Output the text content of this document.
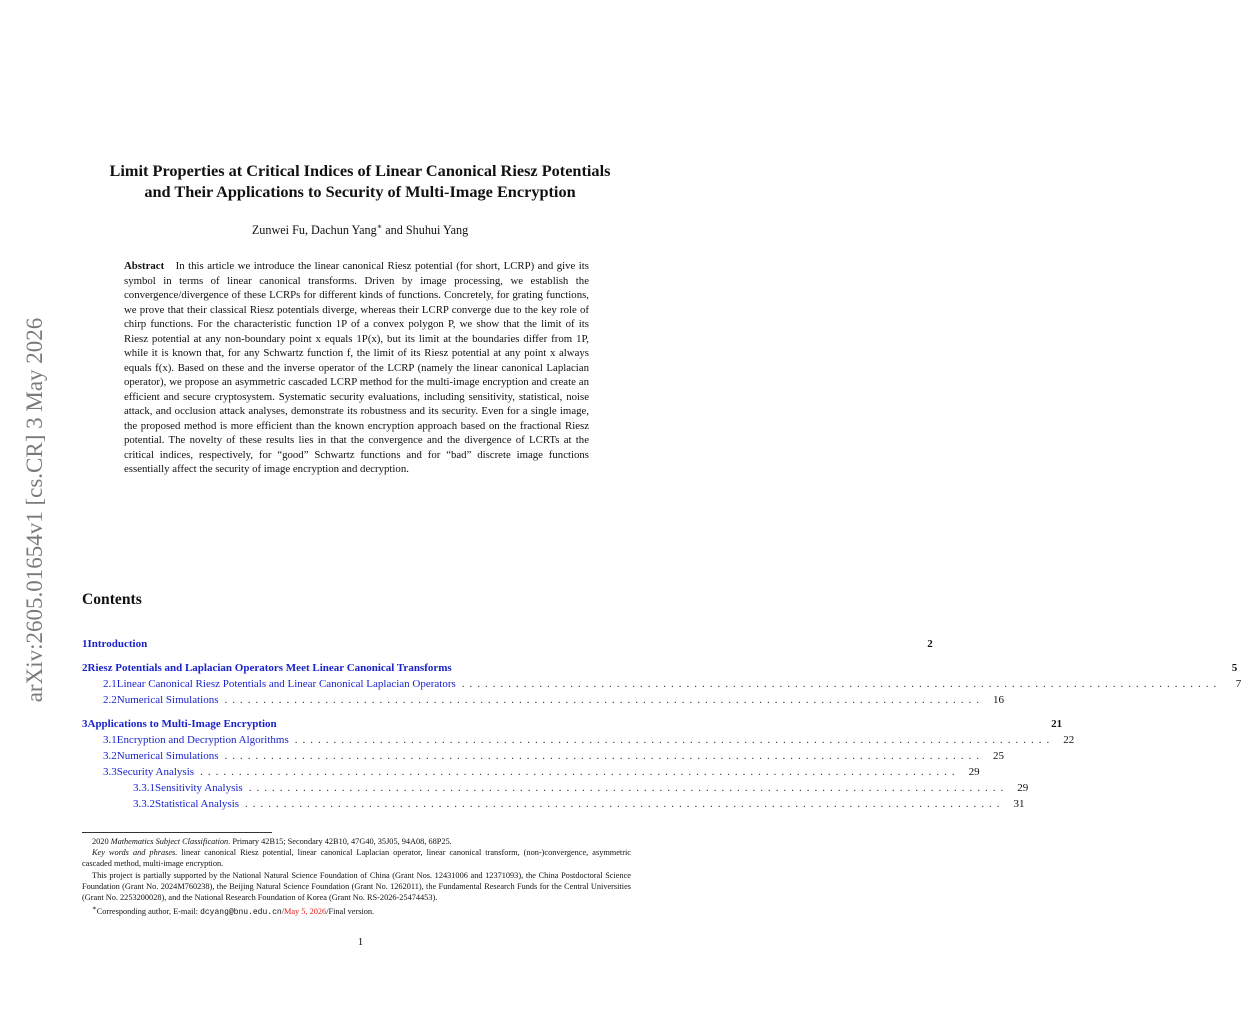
arXiv:2605.01654v1 [cs.CR] 3 May 2026
Limit Properties at Critical Indices of Linear Canonical Riesz Potentials
and Their Applications to Security of Multi-Image Encryption
Zunwei Fu, Dachun Yang∗ and Shuhui Yang
Abstract In this article we introduce the linear canonical Riesz potential (for short, LCRP) and give its symbol in terms of linear canonical transforms. Driven by image processing, we establish the convergence/divergence of these LCRPs for different kinds of functions. Concretely, for grating functions, we prove that their classical Riesz potentials diverge, whereas their LCRP converge due to the key role of chirp functions. For the characteristic function 1P of a convex polygon P, we show that the limit of its Riesz potential at any non-boundary point x equals 1P(x), but its limit at the boundaries differ from 1P, while it is known that, for any Schwartz function f, the limit of its Riesz potential at any point x always equals f(x). Based on these and the inverse operator of the LCRP (namely the linear canonical Laplacian operator), we propose an asymmetric cascaded LCRP method for the multi-image encryption and create an efficient and secure cryptosystem. Systematic security evaluations, including sensitivity, statistical, noise attack, and occlusion attack analyses, demonstrate its robustness and its security. Even for a single image, the proposed method is more efficient than the known encryption approach based on the fractional Riesz potential. The novelty of these results lies in that the convergence and the divergence of LCRTs at the critical indices, respectively, for “good” Schwartz functions and for “bad” discrete image functions essentially affect the security of image encryption and decryption.
Contents
1 Introduction	2
2 Riesz Potentials and Laplacian Operators Meet Linear Canonical Transforms	5
2.1 Linear Canonical Riesz Potentials and Linear Canonical Laplacian Operators ..................................................................................................	7
2.2 Numerical Simulations .................................................................................................. 16
3 Applications to Multi-Image Encryption	21
3.1 Encryption and Decryption Algorithms .................................................................................................. 22
3.2 Numerical Simulations .................................................................................................. 25
3.3 Security Analysis .................................................................................................. 29
3.3.1 Sensitivity Analysis .................................................................................................. 29
3.3.2 Statistical Analysis .................................................................................................. 31

2020 Mathematics Subject Classification. Primary 42B15; Secondary 42B10, 47G40, 35J05, 94A08, 68P25.

Key words and phrases. linear canonical Riesz potential, linear canonical Laplacian operator, linear canonical transform, (non-)convergence, asymmetric cascaded method, multi-image encryption.

This project is partially supported by the National Natural Science Foundation of China (Grant Nos. 12431006 and 12371093), the China Postdoctoral Science Foundation (Grant No. 2024M760238), the Beijing Natural Science Foundation (Grant No. 1262011), the Fundamental Research Funds for the Central Universities (Grant No. 2253200028), and the National Research Foundation of Korea (Grant No. RS-2026-25474453).

∗Corresponding author, E-mail: dcyang@bnu.edu.cn/May 5, 2026/Final version.

1
